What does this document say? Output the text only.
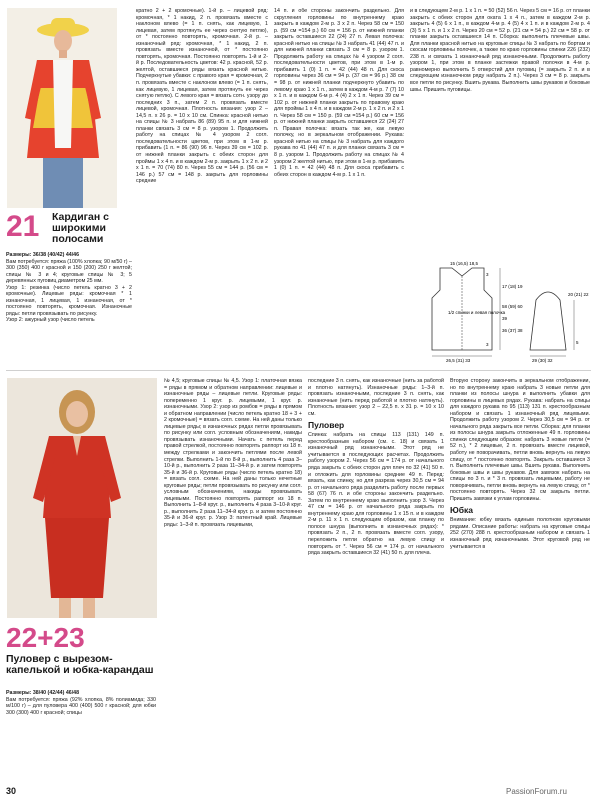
21 Кардиган с широкими полосами

Размеры: 36/38 (40/42) 44/46

Вам потребуется: пряжа (100% хлопка; 90 м/50 г) – 300 (350) 400 г красной и 150 (200) 250 г желтой; спицы № 3 и 4; круговые спицы № 3; 5 деревянных пуговиц диаметром 25 мм.

Узор 1: резинка (число петель кратно 3 + 2 кромочные). Лицевые ряды: кромочная * 1 изнаночная, 1 лицевая, 1 изнаночная, от * постоянно повторять, кромочная. Изнаночные ряды: петли провязывать по рисунку.

Узор 2: ажурный узор (число петель

кратно 2 + 2 кромочные). 1-й р. – лицевой ряд: кромочная, * 1 накид, 2 п. провязать вместе с наклоном влево (= 1 п. снять, как лицевую, 1 лицевая, затем протянуть ее через снятую петлю), от * постоянно повторять, кромочная. 2-й р. – изнаночный ряд: кромочная, * 1 накид, 2 п. провязать вместе изнаночной, от * постоянно повторять, кромочная. Постоянно повторять 1-й и 2-й р. Последовательность цветов: 42 р. красной, 52 р. желтой, оставшиеся ряды вязать красной нитью. Подчеркнутые убавки: с правого края = кромочная, 2 п. провязать вместе с наклоном влево (= 1 п. снять, как лицевую, 1 лицевая, затем протянуть ее через снятую петлю). С левого края = вязать сотн. узору до последних 3 п., затем 2 п. провязать вместе лицевой, кромочная. Плотность вязания: узор 2 – 14,5 п. x 26 р. = 10 x 10 см. Спинка: красной нитью на спицы № 3 набрать 86 (89) 95 п. и для нижней планки связать 3 см = 8 р. узором 1. Продолжить работу на спицах № 4 узором 2 согл. последовательности цветов, при этом в 1-м р. прибавить (1 п. = 86 (90) 96 п. Через 39 см = 102 р. от нижней планки закрыть с обеих сторон для проймы 1 x 4 п. и в каждом 2-м р. закрыть 1 x 2 п. и 2 x 1 п. = 70 (74) 80 п. Через 55 см = 144 р. (56 см = 146 р.) 57 см = 148 р. закрыть для горловины средние
14 п. и обе стороны закончить раздельно. Для скругления горловины по внутреннему краю закрыть в каждом 2-м р. 3 x 2 п. Через 58 см = 150 р. (59 см =154 р.) 60 см = 156 р. от нижней планки закрыть оставшиеся 22 (24) 27 п. Левая полочка: красной нитью на спицы № 3 набрать 41 (44) 47 п. и для нижней планки связать 3 см = 8 р. узором 1. Продолжить работу на спицах № 4 узором 2 согл. последовательности цветов, при этом в 1-м р. прибавить 1 (0) 1 п. = 42 (44) 48 п. Для скоса горловины через 36 см = 94 р. (37 см = 96 р.) 38 см = 98 р. от нижней планки подчеркнуто убавить по левому краю 1 x 1 п., затем в каждом 4-м р. 7 (7) 10 x 1 п. и в каждом 6-м р. 4 (4) 2 x 1 п. Через 39 см = 102 р. от нижней планки закрыть по правому краю для проймы 1 x 4 п. и в каждом 2-м р. 1 x 2 п. и 2 x 1 п. Через 58 см = 150 р. (59 см =154 р.) 60 см = 156 р. от нижней планки закрыть оставшиеся 22 (24) 27 п. Правая полочка: вязать так же, как левую полочку, но в зеркальном отображении. Рукава: красной нитью на спицы № 3 набрать для каждого рукава по 41 (44) 47 п. и для планки связать 3 см = 8 р. узором 1. Продолжить работу на спицах № 4 узором 2 желтой нитью, при этом в 1-м р. прибавить 1 (0) 1 п. = 42 (44) 48 п. Для скоса прибавить с обеих сторон в каждом 4-м р. 1 x 1 п.
и в следующем 2-м р. 1 x 1 п. = 50 (52) 56 п. Через 5 см = 16 р. от планки закрыть с обеих сторон для оката 1 x 4 п., затем в каждом 2-м р. закрыть 4 (5) 6 x 1 п., в каждом 4-м р. 4 (5) 4 x 1 п. и в каждом 2-м р. 4 (3) 5 x 1 п. и 1 x 2 п. Через 20 см = 52 р. (21 см = 54 р.) 22 см = 58 р. от планки закрыть оставшиеся 14 п. Сборка: выполнить плечевые швы. Для планки красной нитью на круговые спицы № 3 набрать по бортам и скосам горловины полочек, а также по краю горловины спинки 226 (232) 238 п. и связать 1 изнаночный ряд изнаночными. Продолжить работу узором 1, при этом в планке застежки правой полочки в 4-м р. равномерно выполнить 5 отверстий для пуговиц (= закрыть 2 п. и в следующем изнаночном ряду набрать 2 п.). Через 3 см = 8 р. закрыть все петли по рисунку. Вшить рукава. Выполнить швы рукавов и боковые швы. Пришить пуговицы.
15 (16,5) 18,5
3
1/2 спинки и левая полочка
17 (18) 19
58 (59) 60
39
36 (37) 38
26,5 (31) 33
3
29 (30) 32
5
20 (21) 22
22+23
Пуловер с вырезом-капелькой и юбка-карандаш

Размеры: 38/40 (42/44) 46/48

Вам потребуется: пряжа (92% хлопка, 8% полиамида; 330 м/100 г) – для пуловера 400 (400) 500 г красной; для юбки 300 (300) 400 г красной; спицы

№ 4,5; круговые спицы № 4,5. Узор 1: платочная вязка = ряды в прямом и обратном направлении: лицевые и изнаночные ряды – лицевые петли. Круговые ряды: попеременно 1 круг. р. лицевыми, 1 круг. р. изнаночными. Узор 2: узор из ромбов = ряды в прямом и обратном направлении (число петель кратно 18 + 3 + 2 кромочные) = вязать согл. схеме. На ней даны только лицевые ряды; в изнаночных рядах петли провязывать по рисунку или согл. условным обозначениям, накиды провязывать изнаночными. Начать с петель перед правой стрелкой, постоянно повторять раппорт из 18 п. между стрелками и закончить петлями после левой стрелки. Выполнить 1-й по 8-й р., выполнить 4 раза 3–10-й р., выполнить 2 раза 11–34-й р. и затем повторять 35-й и 36-й р. Круговые ряды (число петель кратно 18) = вязать согл. схеме. На ней даны только нечетные круговые ряды; петли провязывать по рисунку или согл. условным обозначениям, накиды провязывать лицевыми. Постоянно повторять раппорт из 18 п. Выполнить 1–8-й круг. р., выполнить 4 раза 3–10-й круг. р., выполнить 2 раза 11–34-й круг. р. и затем постоянно 35-й и 36-й круг. р. Узор 3: патентный край. Лицевые ряды: 1–3-й п. провязать лицевыми,

последние 3 п. снять, как изнаночные (нить за работой и плотно натянуть). Изнаночные ряды: 1–3-й п. провязать изнаночными, последние 3 п. снять, как изнаночные (нить перед работой и плотно натянуть). Плотность вязания: узор 2 – 22,5 п. x 31 р. = 10 x 10 см.

Пуловер

Спинка: набрать на спицы 113 (131) 149 п. крестообразным набором (см. с. 18) и связать 1 изнаночный ряд изнаночными. Этот ряд не учитывается в последующих расчетах. Продолжить работу узором 2. Через 56 см = 174 р. от начального ряда закрыть с обеих сторон для плеч по 32 (41) 50 п. и отложить для горловины средние 49 п. Перед: вязать, как спинку, но для разреза через 30,5 см = 94 р. от начального ряда разделить работу после первых 58 (67) 76 п. и обе стороны закончить раздельно. Затем по внутреннему краю выполнить узор 3. Через 47 см = 146 р. от начального ряда закрыть по внутреннему краю для горловины 1 x 15 п. и в каждом 2-м р. 11 x 1 п. следующим образом, как планку по полосе шнура (выполнить в изнаночных рядах): * провязать 2 п., 2 п. провязать вместе согл. узору, переложить петли обратно на левую спицу и повторить от *. Через 56 см = 174 р. от начального ряда закрыть оставшиеся 32 (41) 50 п. для плеча.

Вторую сторону закончить в зеркальном отображении, но по внутреннему краю набрать 3 новые петли для планки из полосы шнура и выполнить убавки для горловины в лицевых рядах. Рукава: набрать на спицы для каждого рукава по 95 (113) 131 п. крестообразным набором и связать 1 изнаночный ряд лицевыми. Продолжить работу узором 2. Через 30,5 см = 94 р. от начального ряда закрыть все петли. Сборка: для планки из полосы шнура закрыть отложенные 49 п. горловины спинки следующим образом: набрать 3 новые петли (= 52 п.), * 2 лицевые, 2 п. провязать вместе лицевой, работу не поворачивать, петли вновь вернуть на левую спицу, от * постоянно повторять. Закрыть оставшиеся 3 п. Выполнить плечевые швы. Вшить рукава. Выполнить боковые швы и швы рукавов. Для завязок набрать на спицы по 3 п. и * 3 п. провязать лицевыми, работу не поворачивать, петли вновь вернуть на левую спицу, от * постоянно повторять. Через 32 см закрыть петли. Пришить завязки к углам горловины.

Юбка

Внимание: юбку вязать единым полотном круговыми рядами. Описание работы: набрать на круговые спицы 252 (270) 288 п. крестообразным набором и связать 1 изнаночный ряд изнаночными. Этот круговой ряд не учитывается в

30	PassionForum.ru
